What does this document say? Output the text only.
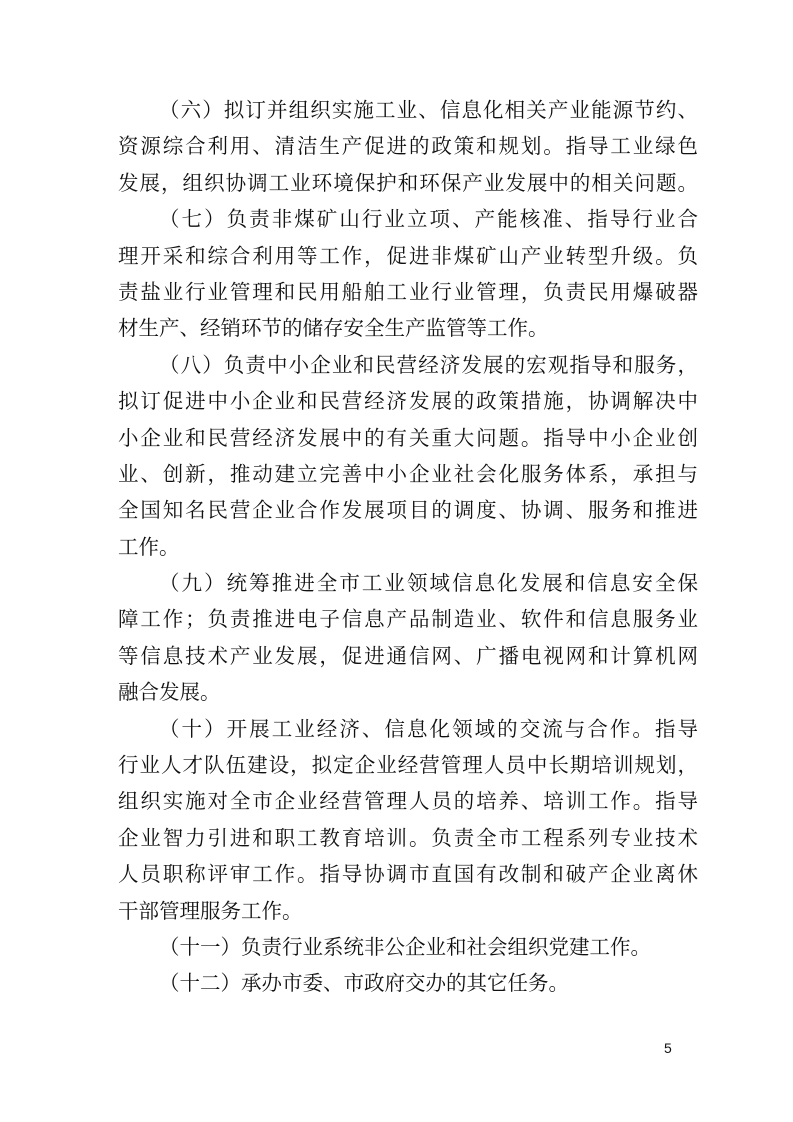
（六）拟订并组织实施工业、信息化相关产业能源节约、
资源综合利用、清洁生产促进的政策和规划。指导工业绿色
发展，组织协调工业环境保护和环保产业发展中的相关问题。
（七）负责非煤矿山行业立项、产能核准、指导行业合
理开采和综合利用等工作，促进非煤矿山产业转型升级。负
责盐业行业管理和民用船舶工业行业管理，负责民用爆破器
材生产、经销环节的储存安全生产监管等工作。
（八）负责中小企业和民营经济发展的宏观指导和服务，
拟订促进中小企业和民营经济发展的政策措施，协调解决中
小企业和民营经济发展中的有关重大问题。指导中小企业创
业、创新，推动建立完善中小企业社会化服务体系，承担与
全国知名民营企业合作发展项目的调度、协调、服务和推进
工作。
（九）统筹推进全市工业领域信息化发展和信息安全保
障工作；负责推进电子信息产品制造业、软件和信息服务业
等信息技术产业发展，促进通信网、广播电视网和计算机网
融合发展。
（十）开展工业经济、信息化领域的交流与合作。指导
行业人才队伍建设，拟定企业经营管理人员中长期培训规划，
组织实施对全市企业经营管理人员的培养、培训工作。指导
企业智力引进和职工教育培训。负责全市工程系列专业技术
人员职称评审工作。指导协调市直国有改制和破产企业离休
干部管理服务工作。
（十一）负责行业系统非公企业和社会组织党建工作。
（十二）承办市委、市政府交办的其它任务。
5
